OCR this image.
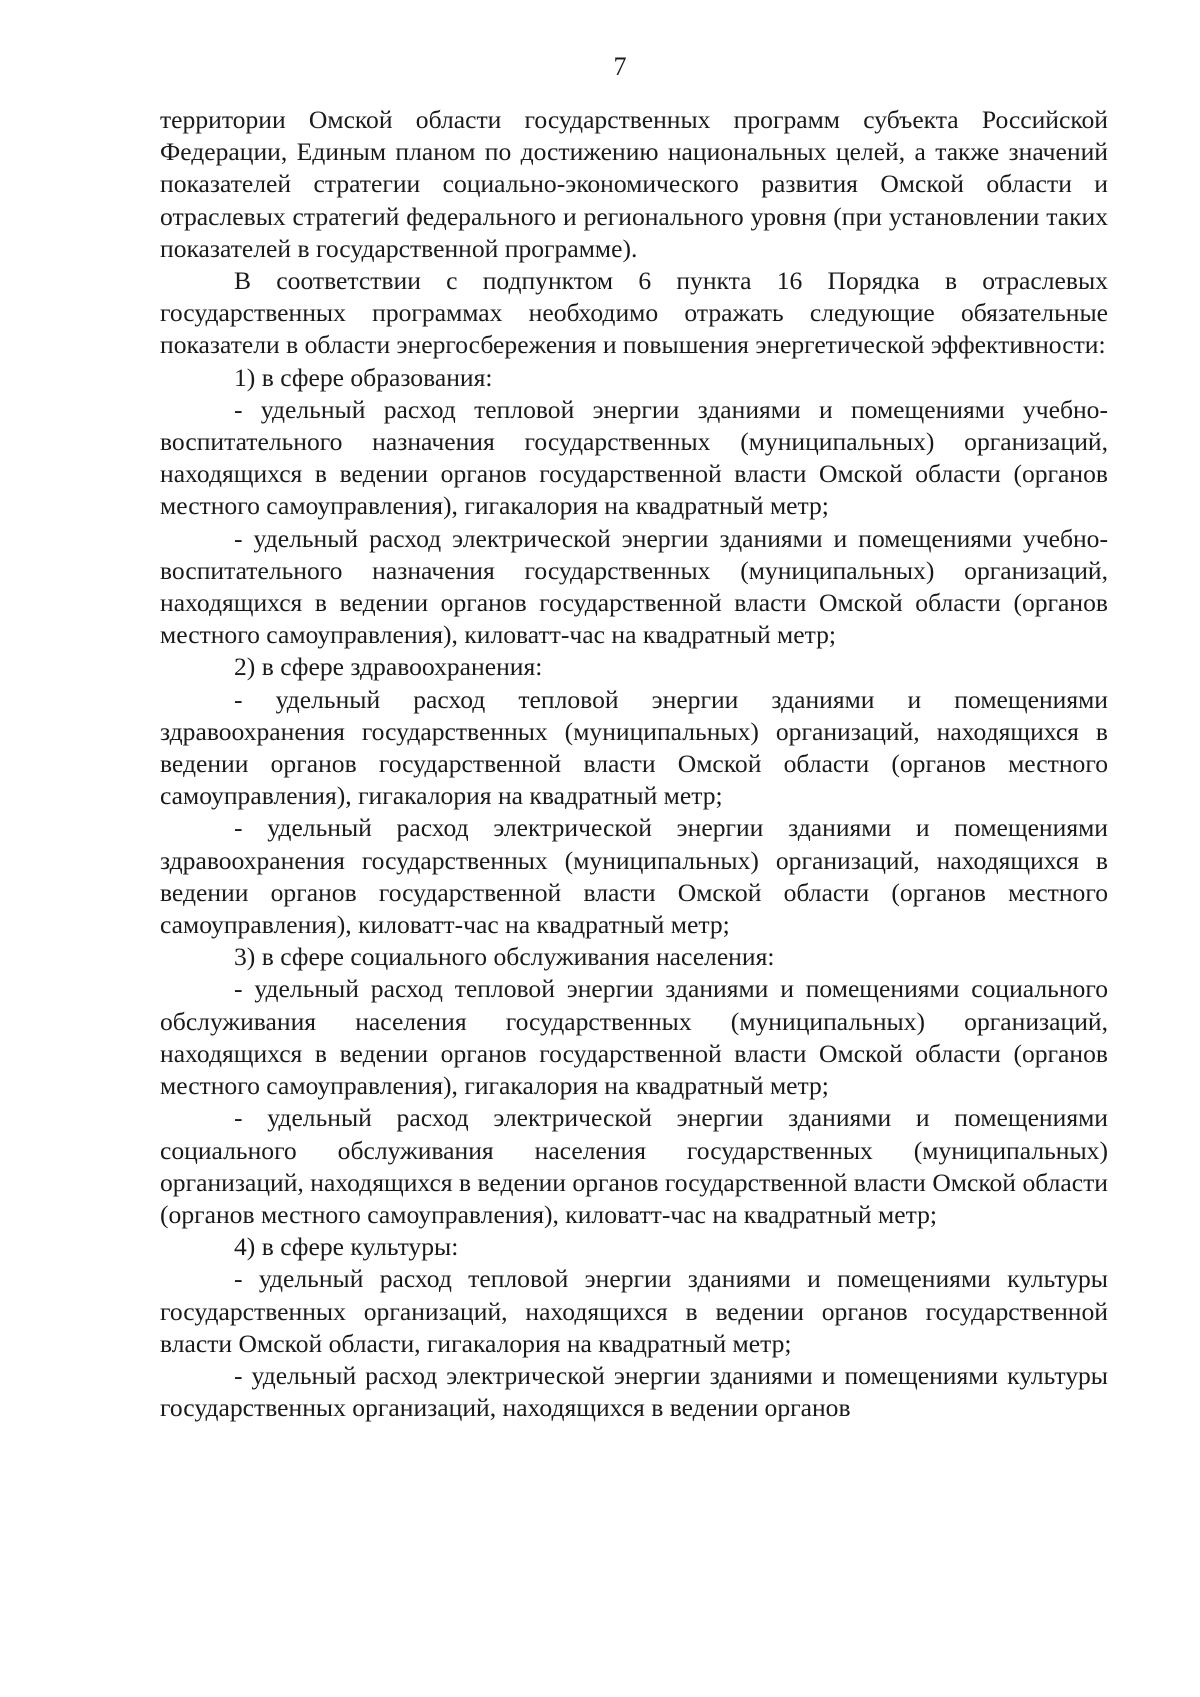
7

территории Омской области государственных программ субъекта Российской Федерации, Единым планом по достижению национальных целей, а также значений показателей стратегии социально-экономического развития Омской области и отраслевых стратегий федерального и регионального уровня (при установлении таких показателей в государственной программе).

В соответствии с подпунктом 6 пункта 16 Порядка в отраслевых государственных программах необходимо отражать следующие обязательные показатели в области энергосбережения и повышения энергетической эффективности:

1) в сфере образования:

- удельный расход тепловой энергии зданиями и помещениями учебно-воспитательного назначения государственных (муниципальных) организаций, находящихся в ведении органов государственной власти Омской области (органов местного самоуправления), гигакалория на квадратный метр;

- удельный расход электрической энергии зданиями и помещениями учебно-воспитательного назначения государственных (муниципальных) организаций, находящихся в ведении органов государственной власти Омской области (органов местного самоуправления), киловатт-час на квадратный метр;

2) в сфере здравоохранения:

- удельный расход тепловой энергии зданиями и помещениями здравоохранения государственных (муниципальных) организаций, находящихся в ведении органов государственной власти Омской области (органов местного самоуправления), гигакалория на квадратный метр;

- удельный расход электрической энергии зданиями и помещениями здравоохранения государственных (муниципальных) организаций, находящихся в ведении органов государственной власти Омской области (органов местного самоуправления), киловатт-час на квадратный метр;

3) в сфере социального обслуживания населения:

- удельный расход тепловой энергии зданиями и помещениями социального обслуживания населения государственных (муниципальных) организаций, находящихся в ведении органов государственной власти Омской области (органов местного самоуправления), гигакалория на квадратный метр;

- удельный расход электрической энергии зданиями и помещениями социального обслуживания населения государственных (муниципальных) организаций, находящихся в ведении органов государственной власти Омской области (органов местного самоуправления), киловатт-час на квадратный метр;

4) в сфере культуры:

- удельный расход тепловой энергии зданиями и помещениями культуры государственных организаций, находящихся в ведении органов государственной власти Омской области, гигакалория на квадратный метр;

- удельный расход электрической энергии зданиями и помещениями культуры государственных организаций, находящихся в ведении органов
